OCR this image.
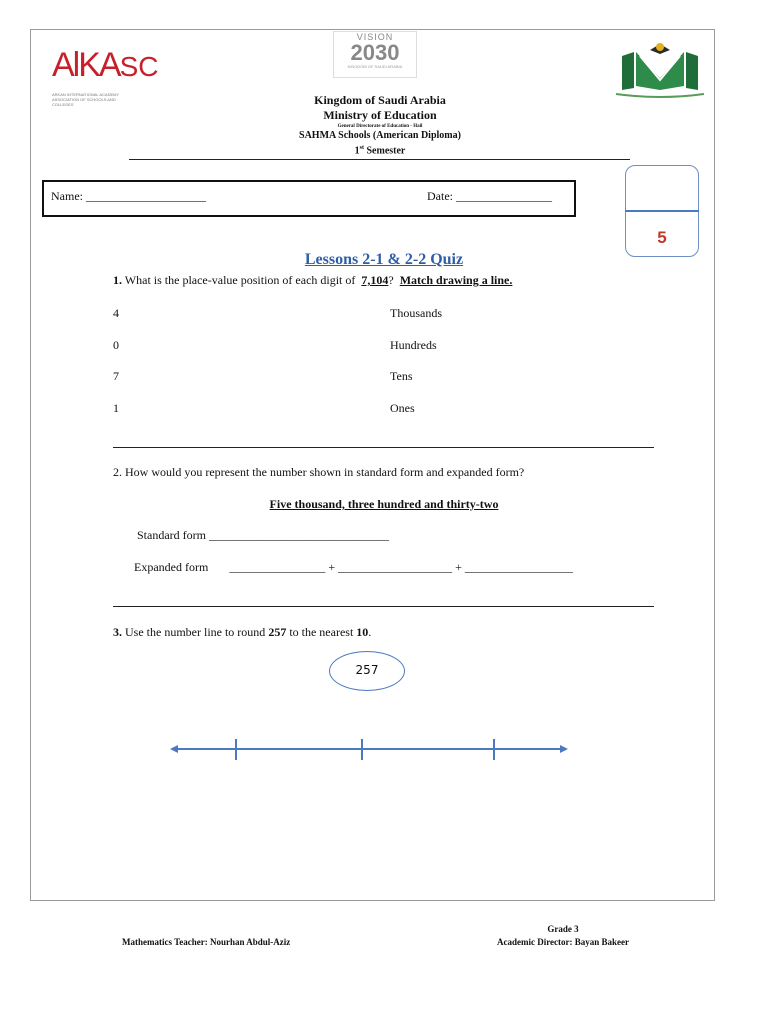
AlKASC
ARKAN INTERNATIONAL ACADEMY
ASSOCIATION OF SCHOOLS AND COLLEGES
VISION
2030
KINGDOM OF SAUDI ARABIA
Kingdom of Saudi Arabia
Ministry of Education
General Directorate of Education - Hail
SAHMA Schools (American Diploma)
1st Semester
Name: ____________________	Date: ________________
5
Lessons 2-1 & 2-2 Quiz
1. What is the place-value position of each digit of 7,104? Match drawing a line.
4	Thousands
0	Hundreds
7	Tens
1	Ones
2. How would you represent the number shown in standard form and expanded form?
Five thousand, three hundred and thirty-two
Standard form ______________________________
Expanded form ________________ + ___________________ + __________________
3. Use the number line to round 257 to the nearest 10.
257
Mathematics Teacher: Nourhan Abdul-Aziz
Grade 3
Academic Director: Bayan Bakeer
